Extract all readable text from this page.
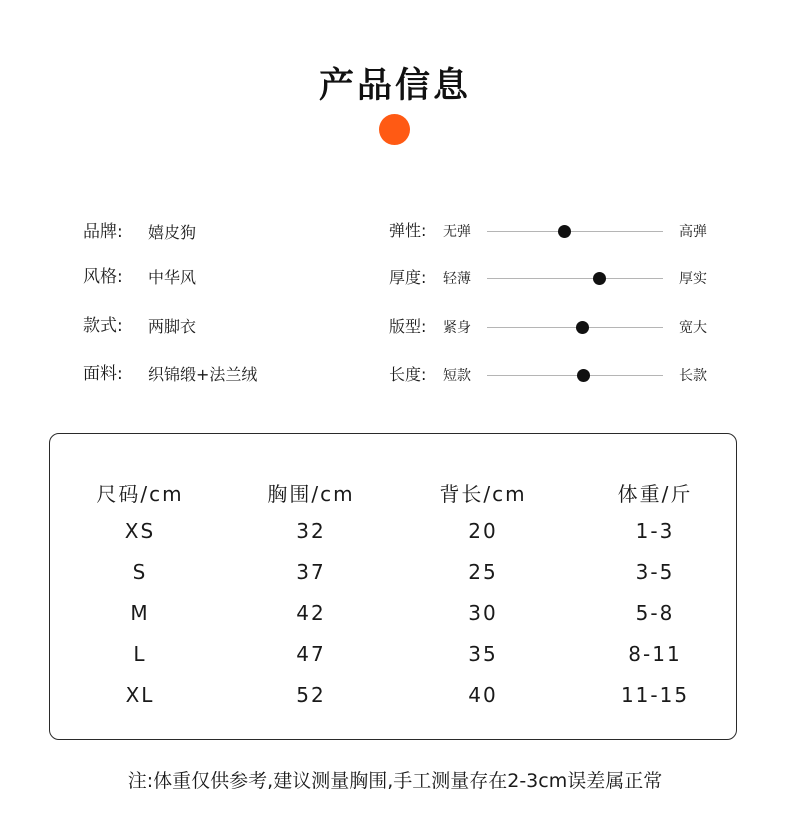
产品信息
品牌: 嬉皮狗
风格: 中华风
款式: 两脚衣
面料: 织锦缎+法兰绒
弹性: 无弹	高弹
厚度: 轻薄	厚实
版型: 紧身	宽大
长度: 短款	长款
尺码/cm	胸围/cm	背长/cm	体重/斤
XS	32	20	1-3
S	37	25	3-5
M	42	30	5-8
L	47	35	8-11
XL	52	40	11-15
注:体重仅供参考,建议测量胸围,手工测量存在2-3cm误差属正常
